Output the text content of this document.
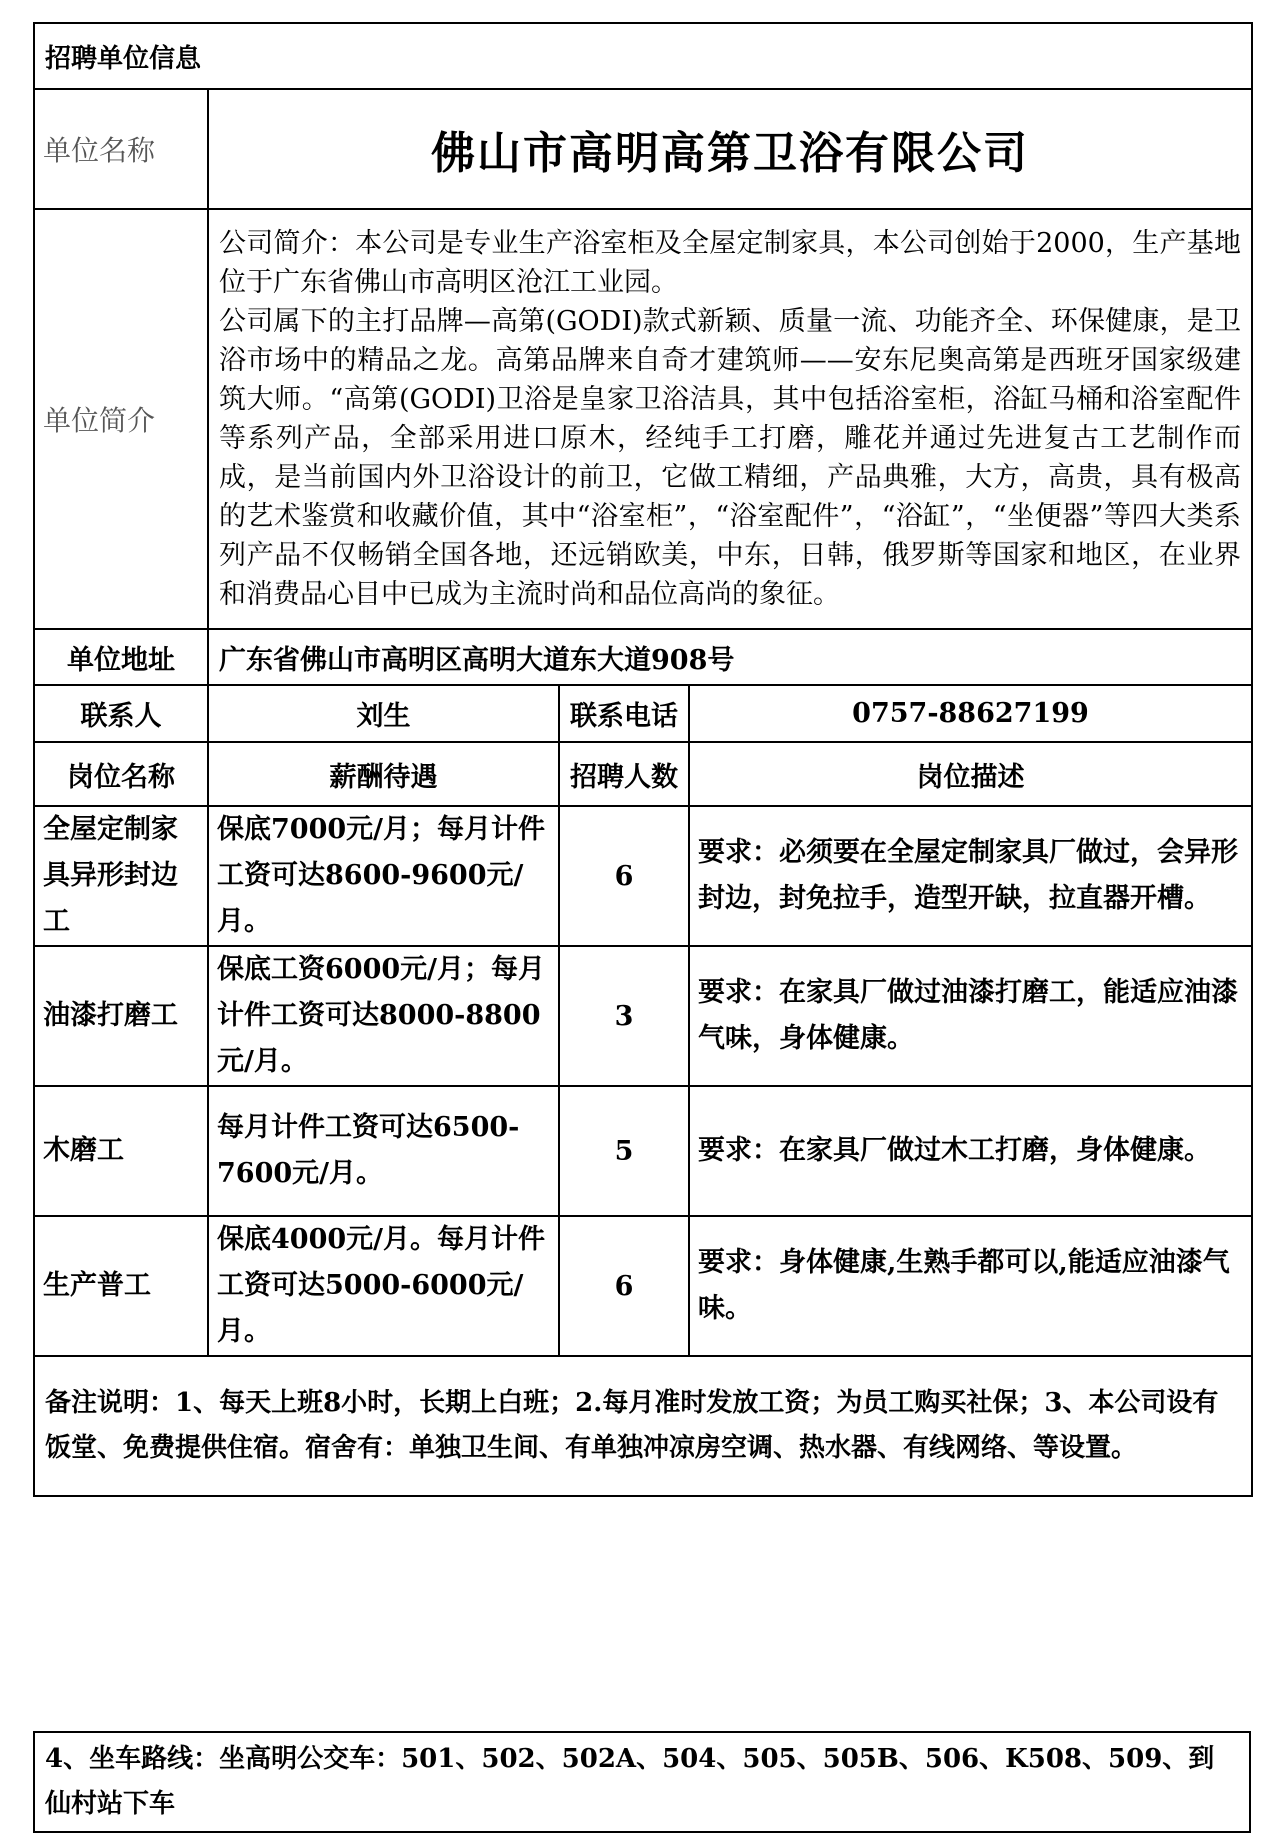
招聘单位信息			
单位名称	佛山市高明高第卫浴有限公司		
单位简介	公司简介：本公司是专业生产浴室柜及全屋定制家具，本公司创始于2000，生产基地位于广东省佛山市高明区沧江工业园。
公司属下的主打品牌—高第(GODI)款式新颖、质量一流、功能齐全、环保健康，是卫浴市场中的精品之龙。高第品牌来自奇才建筑师——安东尼奥高第是西班牙国家级建筑大师。“高第(GODI)卫浴是皇家卫浴洁具，其中包括浴室柜，浴缸马桶和浴室配件等系列产品，全部采用进口原木，经纯手工打磨，雕花并通过先进复古工艺制作而成，是当前国内外卫浴设计的前卫，它做工精细，产品典雅，大方，高贵，具有极高的艺术鉴赏和收藏价值，其中“浴室柜”，“浴室配件”，“浴缸”，“坐便器”等四大类系列产品不仅畅销全国各地，还远销欧美，中东，日韩，俄罗斯等国家和地区，在业界和消费品心目中已成为主流时尚和品位高尚的象征。		

单位地址	广东省佛山市高明区高明大道东大道908号		
联系人	刘生	联系电话	0757-88627199
岗位名称	薪酬待遇	招聘人数	岗位描述
全屋定制家具异形封边工	保底7000元/月；每月计件工资可达8600-9600元/月。	6	要求：必须要在全屋定制家具厂做过，会异形封边，封免拉手，造型开缺，拉直器开槽。
油漆打磨工	保底工资6000元/月；每月计件工资可达8000-8800元/月。	3	要求：在家具厂做过油漆打磨工，能适应油漆气味，身体健康。
木磨工	每月计件工资可达6500-7600元/月。	5	要求：在家具厂做过木工打磨，身体健康。
生产普工	保底4000元/月。每月计件工资可达5000-6000元/月。	6	要求：身体健康,生熟手都可以,能适应油漆气味。
备注说明：1、每天上班8小时，长期上白班；2.每月准时发放工资；为员工购买社保；3、本公司设有饭堂、免费提供住宿。宿舍有：单独卫生间、有单独冲凉房空调、热水器、有线网络、等设置。			
4、坐车路线：坐高明公交车：501、502、502A、504、505、505B、506、K508、509、到仙村站下车
